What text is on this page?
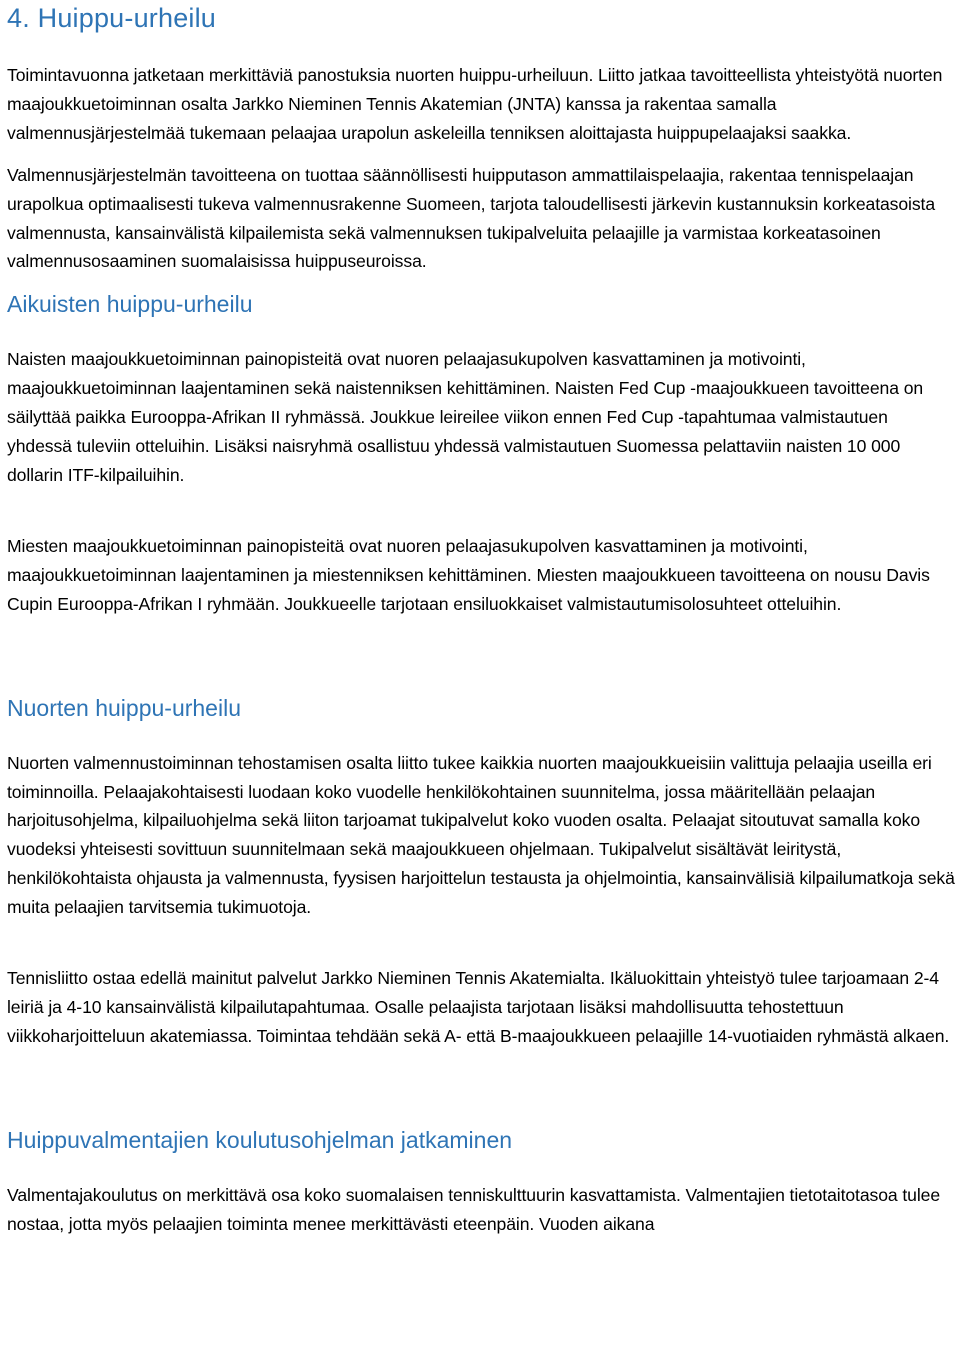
4. Huippu-urheilu

Toimintavuonna jatketaan merkittäviä panostuksia nuorten huippu-urheiluun. Liitto jatkaa tavoitteellista yhteistyötä nuorten maajoukkuetoiminnan osalta Jarkko Nieminen Tennis Akatemian (JNTA) kanssa ja rakentaa samalla valmennusjärjestelmää tukemaan pelaajaa urapolun askeleilla tenniksen aloittajasta huippupelaajaksi saakka.

Valmennusjärjestelmän tavoitteena on tuottaa säännöllisesti huipputason ammattilaispelaajia, rakentaa tennispelaajan urapolkua optimaalisesti tukeva valmennusrakenne Suomeen, tarjota taloudellisesti järkevin kustannuksin korkeatasoista valmennusta, kansainvälistä kilpailemista sekä valmennuksen tukipalveluita pelaajille ja varmistaa korkeatasoinen valmennusosaaminen suomalaisissa huippuseuroissa.

Aikuisten huippu-urheilu

Naisten maajoukkuetoiminnan painopisteitä ovat nuoren pelaajasukupolven kasvattaminen ja motivointi, maajoukkuetoiminnan laajentaminen sekä naistenniksen kehittäminen. Naisten Fed Cup -maajoukkueen tavoitteena on säilyttää paikka Eurooppa-Afrikan II ryhmässä. Joukkue leireilee viikon ennen Fed Cup -tapahtumaa valmistautuen yhdessä tuleviin otteluihin. Lisäksi naisryhmä osallistuu yhdessä valmistautuen Suomessa pelattaviin naisten 10 000 dollarin ITF-kilpailuihin.

Miesten maajoukkuetoiminnan painopisteitä ovat nuoren pelaajasukupolven kasvattaminen ja motivointi, maajoukkuetoiminnan laajentaminen ja miestenniksen kehittäminen. Miesten maajoukkueen tavoitteena on nousu Davis Cupin Eurooppa-Afrikan I ryhmään. Joukkueelle tarjotaan ensiluokkaiset valmistautumisolosuhteet otteluihin.

Nuorten huippu-urheilu

Nuorten valmennustoiminnan tehostamisen osalta liitto tukee kaikkia nuorten maajoukkueisiin valittuja pelaajia useilla eri toiminnoilla. Pelaajakohtaisesti luodaan koko vuodelle henkilökohtainen suunnitelma, jossa määritellään pelaajan harjoitusohjelma, kilpailuohjelma sekä liiton tarjoamat tukipalvelut koko vuoden osalta. Pelaajat sitoutuvat samalla koko vuodeksi yhteisesti sovittuun suunnitelmaan sekä maajoukkueen ohjelmaan. Tukipalvelut sisältävät leiritystä, henkilökohtaista ohjausta ja valmennusta, fyysisen harjoittelun testausta ja ohjelmointia, kansainvälisiä kilpailumatkoja sekä muita pelaajien tarvitsemia tukimuotoja.

Tennisliitto ostaa edellä mainitut palvelut Jarkko Nieminen Tennis Akatemialta. Ikäluokittain yhteistyö tulee tarjoamaan 2-4 leiriä ja 4-10 kansainvälistä kilpailutapahtumaa. Osalle pelaajista tarjotaan lisäksi mahdollisuutta tehostettuun viikkoharjoitteluun akatemiassa. Toimintaa tehdään sekä A- että B-maajoukkueen pelaajille 14-vuotiaiden ryhmästä alkaen.

Huippuvalmentajien koulutusohjelman jatkaminen

Valmentajakoulutus on merkittävä osa koko suomalaisen tenniskulttuurin kasvattamista. Valmentajien tietotaitotasoa tulee nostaa, jotta myös pelaajien toiminta menee merkittävästi eteenpäin. Vuoden aikana
